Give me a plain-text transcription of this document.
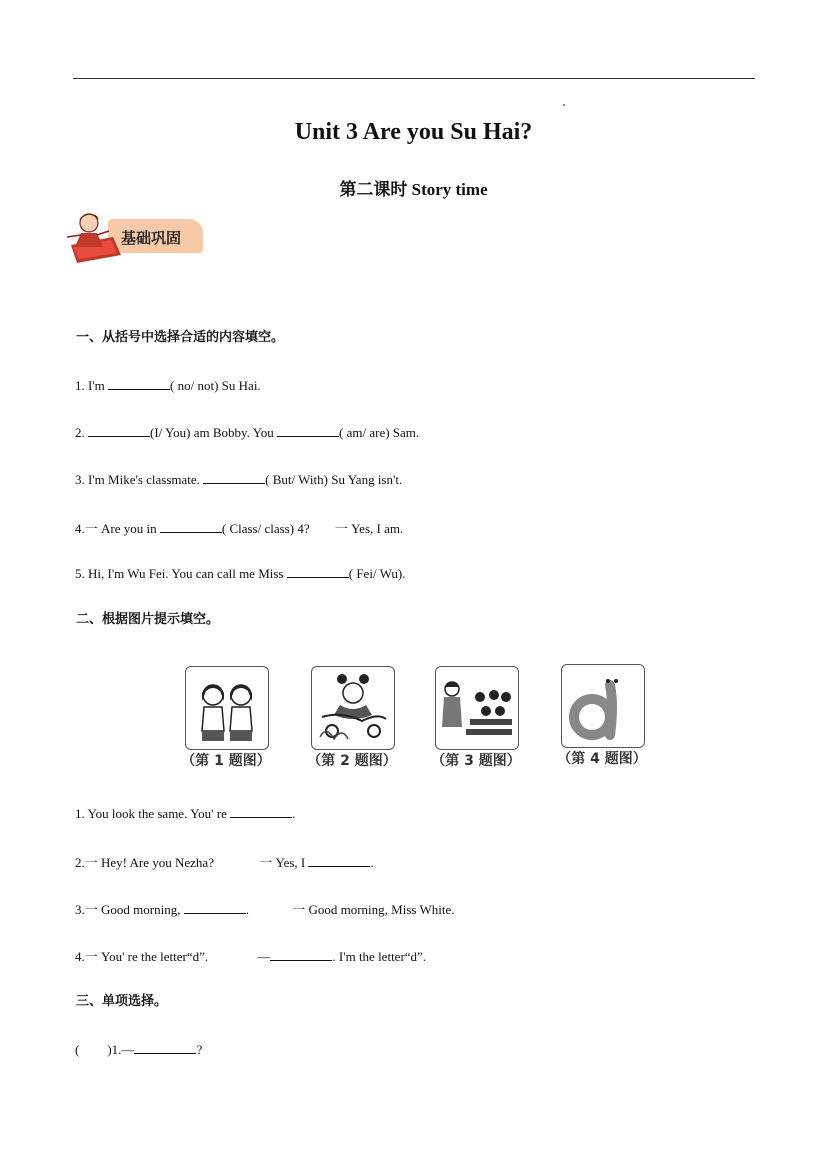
Unit 3 Are you Su Hai?
第二课时 Story time
基础巩固
一、从括号中选择合适的内容填空。
1. I'm	( no/ not) Su Hai.
2.	(I/ You) am Bobby. You	( am/ are) Sam.
3. I'm Mike's classmate.	( But/ With) Su Yang isn't.
4.一 Are you in	( Class/ class) 4? 一 Yes, I am.
5. Hi, I'm Wu Fei. You can call me Miss	( Fei/ Wu).
二、根据图片提示填空。
（第 1 题图）	（第 2 题图）	（第 3 题图）	（第 4 题图）
1. You look the same. You' re	.
2.一 Hey! Are you Nezha?	一 Yes, I	.
3.一 Good morning,	.	一 Good morning, Miss White.
4.一 You' re the letter“d”.	—	. I'm the letter“d”.
三、单项选择。
( )1.—	?
